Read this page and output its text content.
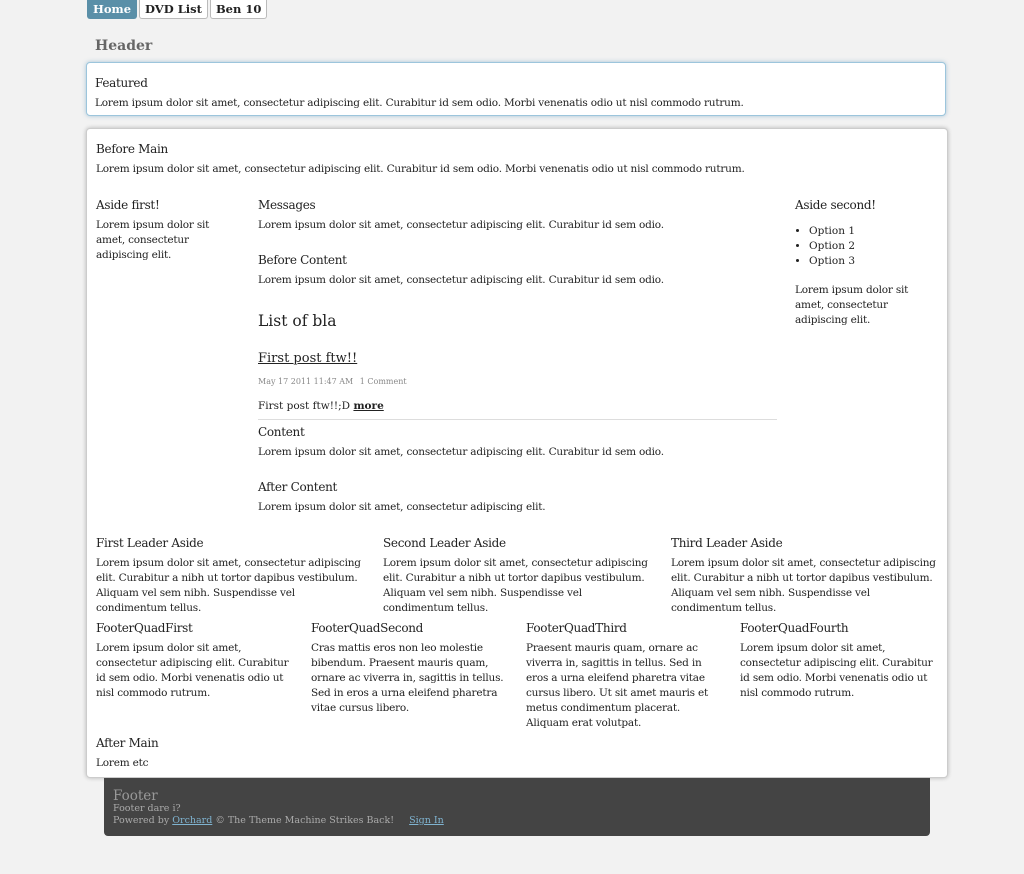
Home	DVD List	Ben 10
Header
Featured

Lorem ipsum dolor sit amet, consectetur adipiscing elit. Curabitur id sem odio. Morbi venenatis odio ut nisl commodo rutrum.

Before Main

Lorem ipsum dolor sit amet, consectetur adipiscing elit. Curabitur id sem odio. Morbi venenatis odio ut nisl commodo rutrum.

Aside first!

Lorem ipsum dolor sit amet, consectetur adipiscing elit.

Messages

Lorem ipsum dolor sit amet, consectetur adipiscing elit. Curabitur id sem odio.

Before Content

Lorem ipsum dolor sit amet, consectetur adipiscing elit. Curabitur id sem odio.

List of bla
First post ftw!!
May 17 2011 11:47 AM 1 Comment
First post ftw!!;D more
Content

Lorem ipsum dolor sit amet, consectetur adipiscing elit. Curabitur id sem odio.

After Content

Lorem ipsum dolor sit amet, consectetur adipiscing elit.

Aside second!
• Option 1
• Option 2
• Option 3

Lorem ipsum dolor sit amet, consectetur adipiscing elit.

First Leader Aside

Lorem ipsum dolor sit amet, consectetur adipiscing elit. Curabitur a nibh ut tortor dapibus vestibulum. Aliquam vel sem nibh. Suspendisse vel condimentum tellus.

Second Leader Aside

Lorem ipsum dolor sit amet, consectetur adipiscing elit. Curabitur a nibh ut tortor dapibus vestibulum. Aliquam vel sem nibh. Suspendisse vel condimentum tellus.

Third Leader Aside

Lorem ipsum dolor sit amet, consectetur adipiscing elit. Curabitur a nibh ut tortor dapibus vestibulum. Aliquam vel sem nibh. Suspendisse vel condimentum tellus.

FooterQuadFirst

Lorem ipsum dolor sit amet, consectetur adipiscing elit. Curabitur id sem odio. Morbi venenatis odio ut nisl commodo rutrum.

FooterQuadSecond

Cras mattis eros non leo molestie bibendum. Praesent mauris quam, ornare ac viverra in, sagittis in tellus. Sed in eros a urna eleifend pharetra vitae cursus libero.

FooterQuadThird

Praesent mauris quam, ornare ac viverra in, sagittis in tellus. Sed in eros a urna eleifend pharetra vitae cursus libero. Ut sit amet mauris et metus condimentum placerat. Aliquam erat volutpat.

FooterQuadFourth

Lorem ipsum dolor sit amet, consectetur adipiscing elit. Curabitur id sem odio. Morbi venenatis odio ut nisl commodo rutrum.

After Main

Lorem etc

Footer

Footer dare i?

Powered by Orchard © The Theme Machine Strikes Back! Sign In
